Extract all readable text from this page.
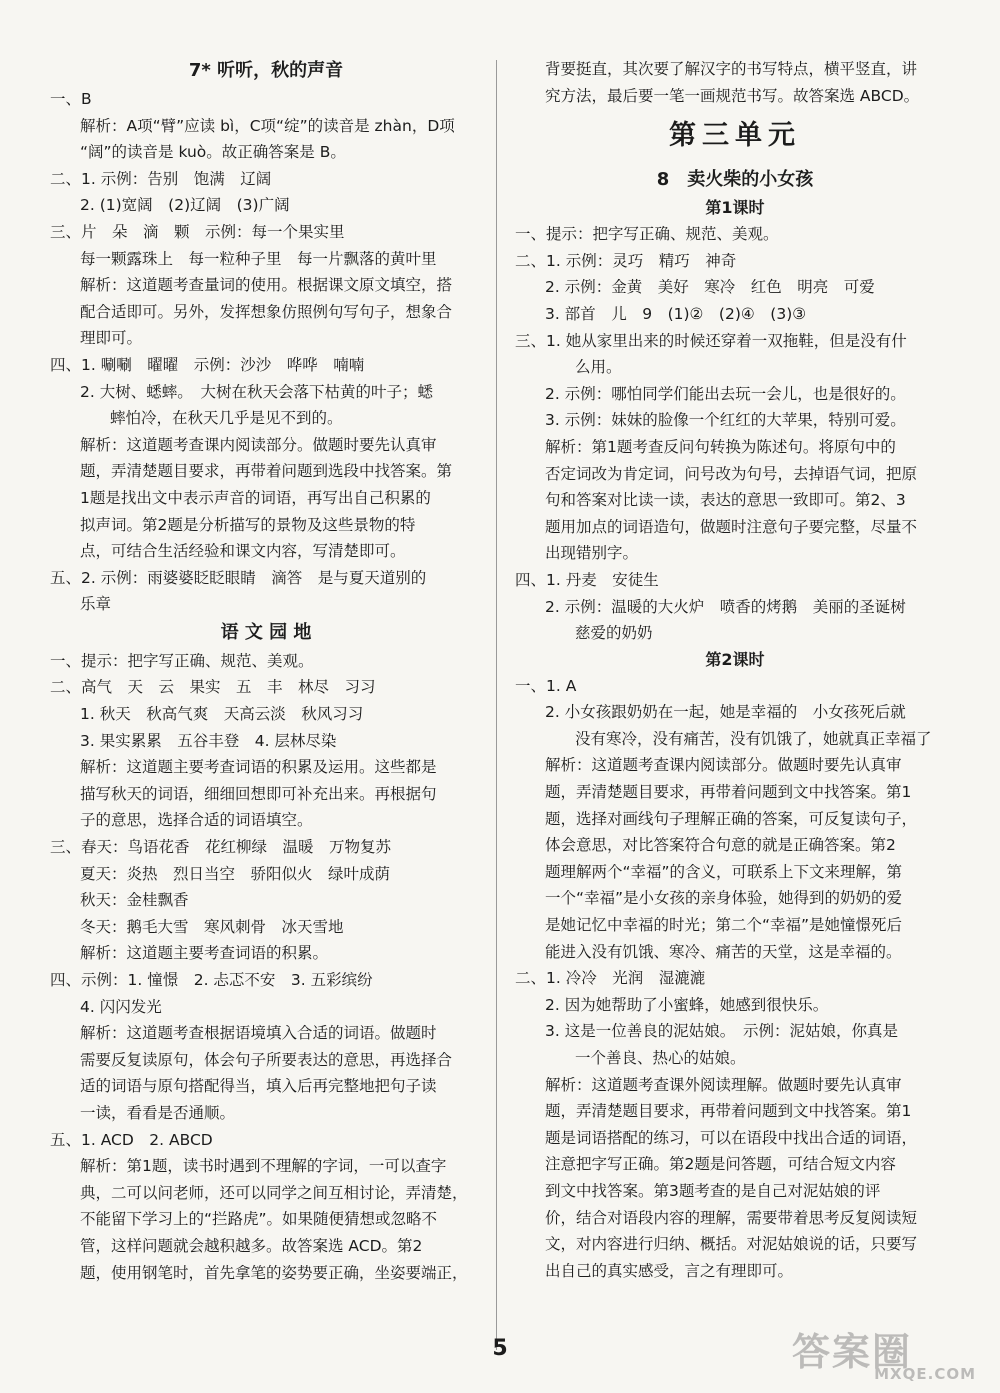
7* 听听，秋的声音
一、B
解析：A项“臂”应读 bì，C项“绽”的读音是 zhàn，D项
“阔”的读音是 kuò。故正确答案是 B。
二、1. 示例：告别　饱满　辽阔
2. (1)宽阔　(2)辽阔　(3)广阔
三、片　朵　滴　颗　示例：每一个果实里
每一颗露珠上　每一粒种子里　每一片飘落的黄叶里
解析：这道题考查量词的使用。根据课文原文填空，搭
配合适即可。另外，发挥想象仿照例句写句子，想象合
理即可。
四、1. 唰唰　曜曜　示例：沙沙　哗哗　喃喃
2. 大树、蟋蟀。　大树在秋天会落下枯黄的叶子；蟋
蟀怕冷，在秋天几乎是见不到的。
解析：这道题考查课内阅读部分。做题时要先认真审
题，弄清楚题目要求，再带着问题到选段中找答案。第
1题是找出文中表示声音的词语，再写出自己积累的
拟声词。第2题是分析描写的景物及这些景物的特
点，可结合生活经验和课文内容，写清楚即可。
五、2. 示例：雨婆婆眨眨眼睛　滴答　是与夏天道别的
乐章
语 文 园 地
一、提示：把字写正确、规范、美观。
二、高气　天　云　果实　五　丰　林尽　习习
1. 秋天　秋高气爽　天高云淡　秋风习习
3. 果实累累　五谷丰登　4. 层林尽染
解析：这道题主要考查词语的积累及运用。这些都是
描写秋天的词语，细细回想即可补充出来。再根据句
子的意思，选择合适的词语填空。
三、春天：鸟语花香　花红柳绿　温暖　万物复苏
夏天：炎热　烈日当空　骄阳似火　绿叶成荫
秋天：金桂飘香
冬天：鹅毛大雪　寒风刺骨　冰天雪地
解析：这道题主要考查词语的积累。
四、示例：1. 憧憬　2. 忐忑不安　3. 五彩缤纷
4. 闪闪发光
解析：这道题考查根据语境填入合适的词语。做题时
需要反复读原句，体会句子所要表达的意思，再选择合
适的词语与原句搭配得当，填入后再完整地把句子读
一读，看看是否通顺。
五、1. ACD　2. ABCD
解析：第1题，读书时遇到不理解的字词，一可以查字
典，二可以问老师，还可以同学之间互相讨论，弄清楚，
不能留下学习上的“拦路虎”。如果随便猜想或忽略不
管，这样问题就会越积越多。故答案选 ACD。第2
题，使用钢笔时，首先拿笔的姿势要正确，坐姿要端正，
背要挺直，其次要了解汉字的书写特点，横平竖直，讲
究方法，最后要一笔一画规范书写。故答案选 ABCD。
第三单元
8　卖火柴的小女孩
第1课时
一、提示：把字写正确、规范、美观。
二、1. 示例：灵巧　精巧　神奇
2. 示例：金黄　美好　寒冷　红色　明亮　可爱
3. 部首　儿　9　(1)②　(2)④　(3)③
三、1. 她从家里出来的时候还穿着一双拖鞋，但是没有什
么用。
2. 示例：哪怕同学们能出去玩一会儿，也是很好的。
3. 示例：妹妹的脸像一个红红的大苹果，特别可爱。
解析：第1题考查反问句转换为陈述句。将原句中的
否定词改为肯定词，问号改为句号，去掉语气词，把原
句和答案对比读一读，表达的意思一致即可。第2、3
题用加点的词语造句，做题时注意句子要完整，尽量不
出现错别字。
四、1. 丹麦　安徒生
2. 示例：温暖的大火炉　喷香的烤鹅　美丽的圣诞树
慈爱的奶奶
第2课时
一、1. A
2. 小女孩跟奶奶在一起，她是幸福的　小女孩死后就
没有寒冷，没有痛苦，没有饥饿了，她就真正幸福了
解析：这道题考查课内阅读部分。做题时要先认真审
题，弄清楚题目要求，再带着问题到文中找答案。第1
题，选择对画线句子理解正确的答案，可反复读句子，
体会意思，对比答案符合句意的就是正确答案。第2
题理解两个“幸福”的含义，可联系上下文来理解，第
一个“幸福”是小女孩的亲身体验，她得到的奶奶的爱
是她记忆中幸福的时光；第二个“幸福”是她憧憬死后
能进入没有饥饿、寒冷、痛苦的天堂，这是幸福的。
二、1. 冷冷　光润　湿漉漉
2. 因为她帮助了小蜜蜂，她感到很快乐。
3. 这是一位善良的泥姑娘。　示例：泥姑娘，你真是
一个善良、热心的姑娘。
解析：这道题考查课外阅读理解。做题时要先认真审
题，弄清楚题目要求，再带着问题到文中找答案。第1
题是词语搭配的练习，可以在语段中找出合适的词语，
注意把字写正确。第2题是问答题，可结合短文内容
到文中找答案。第3题考查的是自己对泥姑娘的评
价，结合对语段内容的理解，需要带着思考反复阅读短
文，对内容进行归纳、概括。对泥姑娘说的话，只要写
出自己的真实感受，言之有理即可。
5	答案圈
MXQE.COM
